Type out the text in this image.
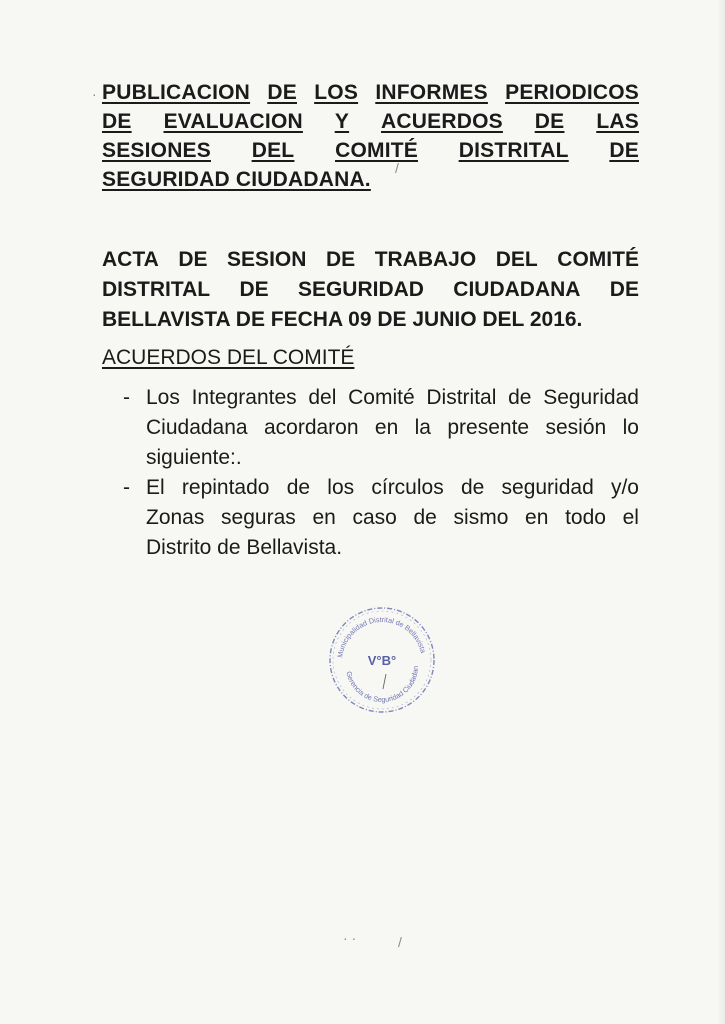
PUBLICACION DE LOS INFORMES PERIODICOS
DE EVALUACION Y ACUERDOS DE LAS
SESIONES DEL COMITÉ DISTRITAL DE
SEGURIDAD CIUDADANA.
ACTA DE SESION DE TRABAJO DEL COMITÉ
DISTRITAL DE SEGURIDAD CIUDADANA DE
BELLAVISTA DE FECHA 09 DE JUNIO DEL 2016.
ACUERDOS DEL COMITÉ
- Los Integrantes del Comité Distrital de Seguridad
Ciudadana acordaron en la presente sesión lo
siguiente:.
- El repintado de los círculos de seguridad y/o
Zonas seguras en caso de sismo en todo el
Distrito de Bellavista.
Municipalidad Distrital de Bellavista
Gerencia de Seguridad Ciudadan
V°B°
·
/
· ·	/
